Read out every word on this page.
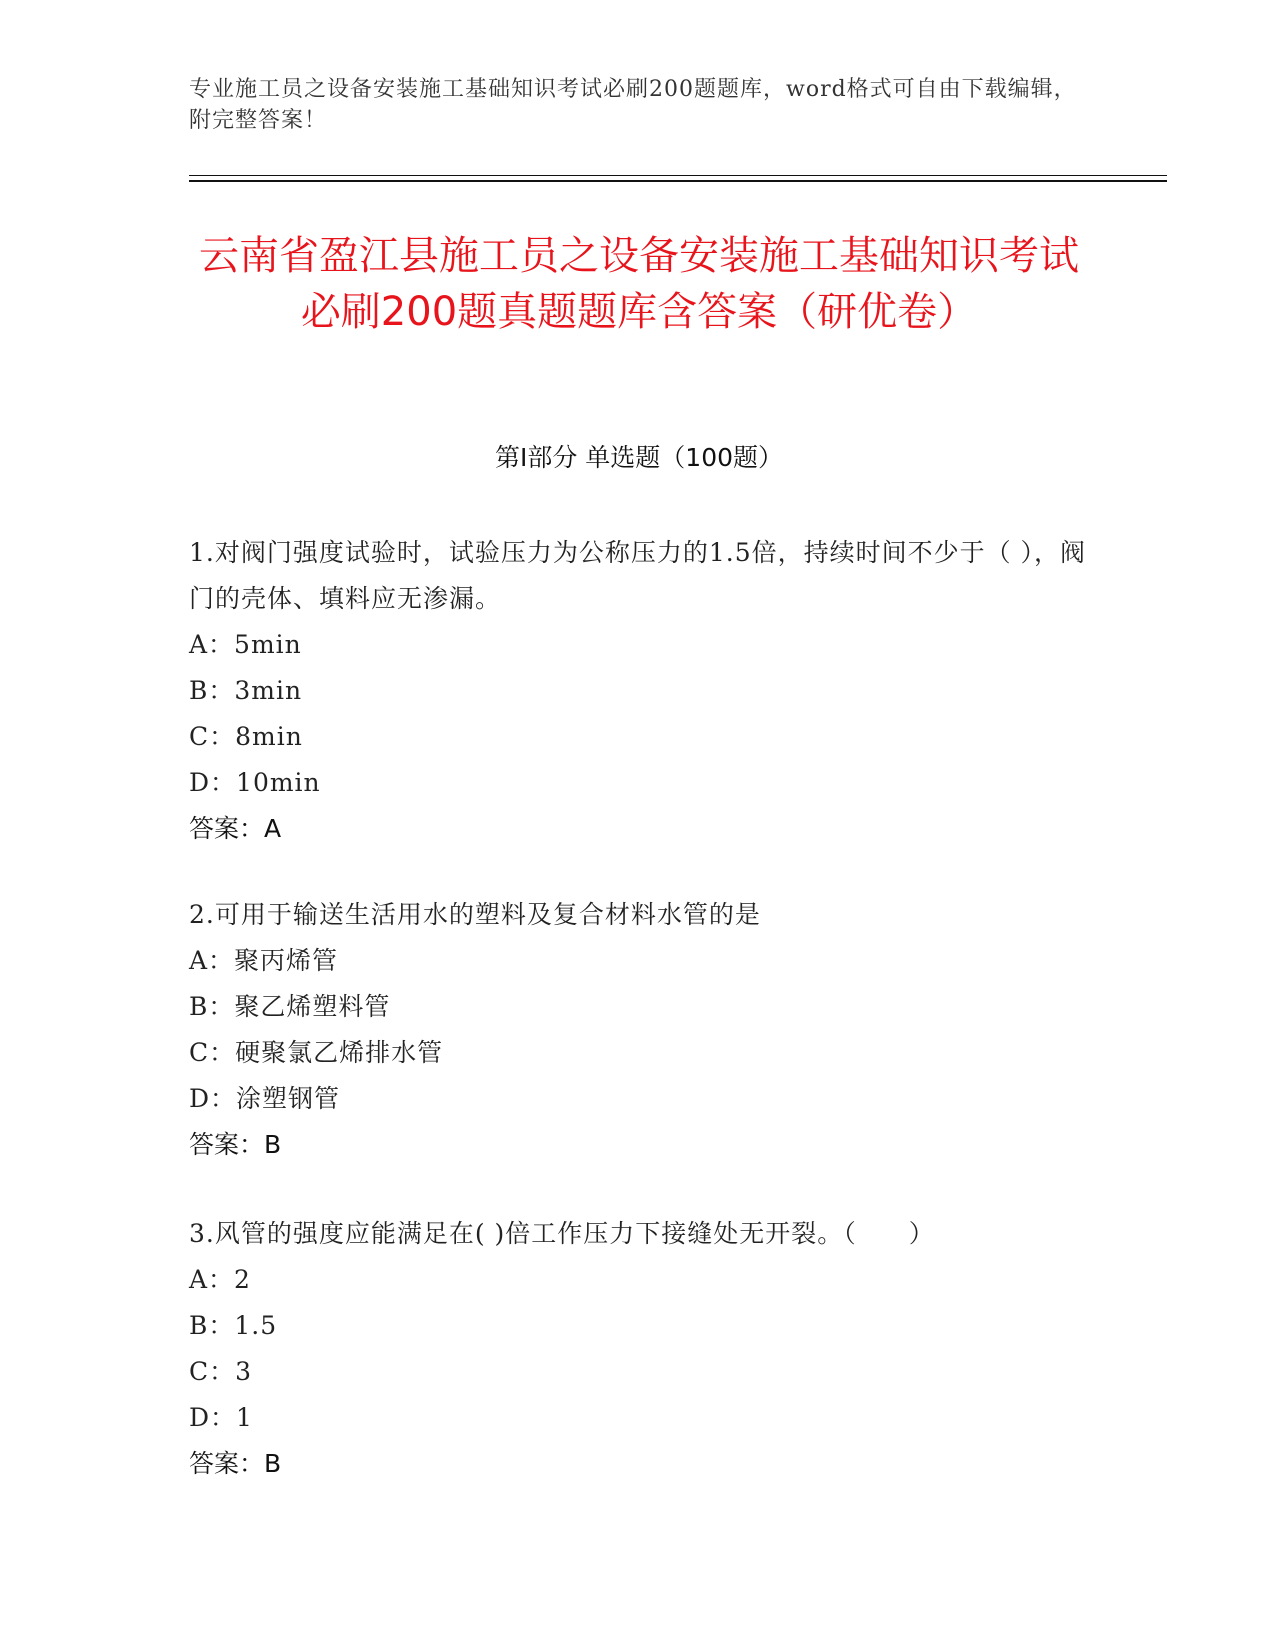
专业施工员之设备安装施工基础知识考试必刷200题题库，word格式可自由下载编辑，附完整答案！
云南省盈江县施工员之设备安装施工基础知识考试必刷200题真题题库含答案（研优卷）
第I部分 单选题（100题）
1.对阀门强度试验时，试验压力为公称压力的1.5倍，持续时间不少于（ ），阀门的壳体、填料应无渗漏。
A：5min
B：3min
C：8min
D：10min
答案：A
2.可用于输送生活用水的塑料及复合材料水管的是
A：聚丙烯管
B：聚乙烯塑料管
C：硬聚氯乙烯排水管
D：涂塑钢管
答案：B
3.风管的强度应能满足在( )倍工作压力下接缝处无开裂。（　　）
A：2
B：1.5
C：3
D：1
答案：B
